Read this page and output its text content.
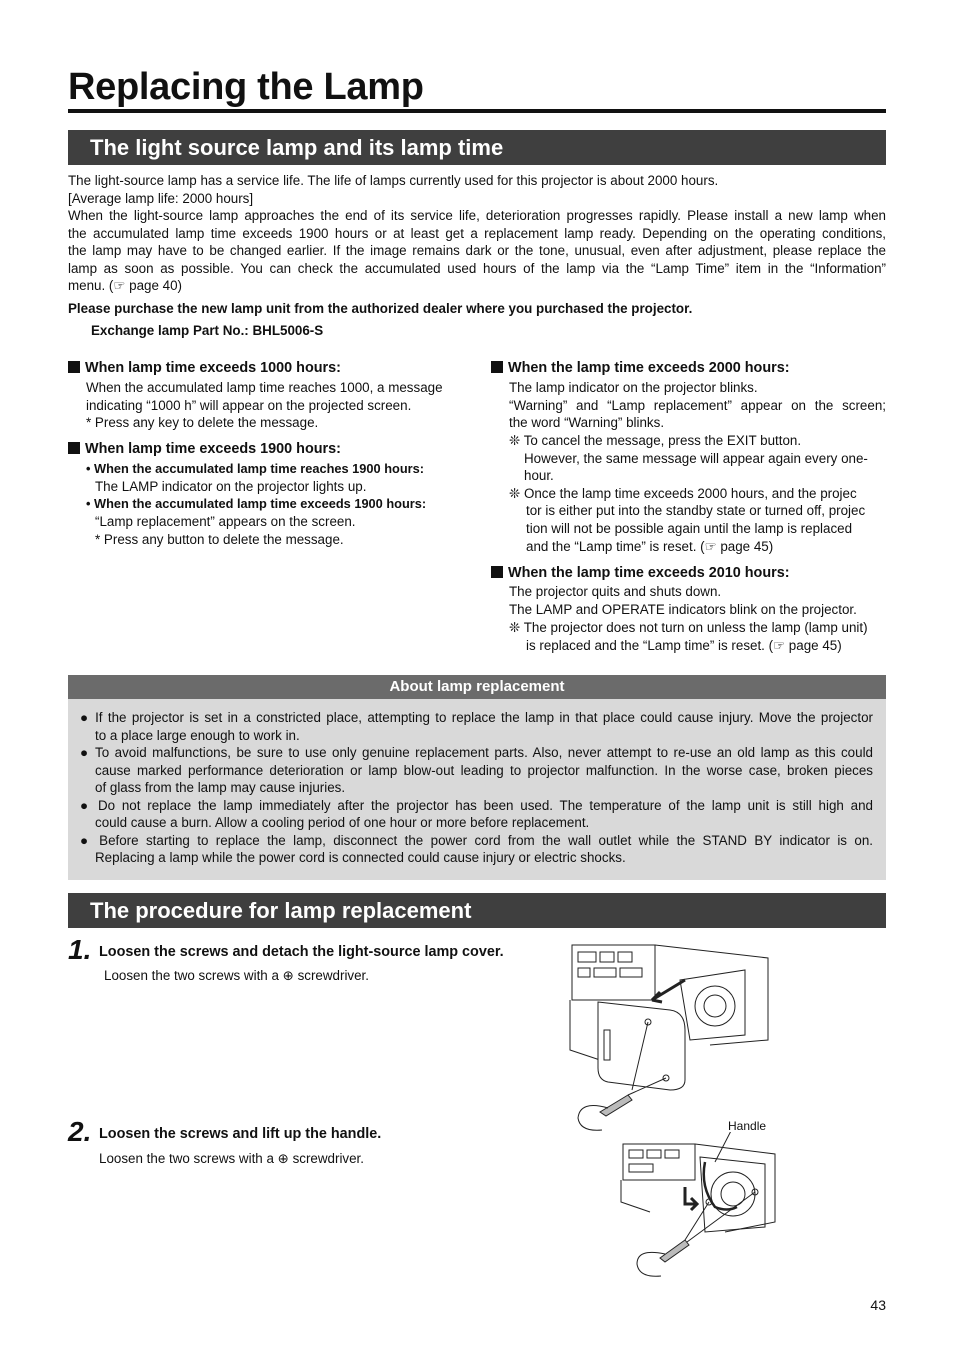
Replacing the Lamp
The light source lamp and its lamp time
The light-source lamp has a service life. The life of lamps currently used for this projector is about 2000 hours.
[Average lamp life: 2000 hours]
When the light-source lamp approaches the end of its service life, deterioration progresses rapidly. Please install a new lamp when
the accumulated lamp time exceeds 1900 hours or at least get a replacement lamp ready. Depending on the operating conditions,
the lamp may have to be changed earlier. If the image remains dark or the tone, unusual, even after adjustment, please replace the
lamp as soon as possible. You can check the accumulated used hours of the lamp via the “Lamp Time” item in the “Information”
menu. (☞ page 40)
Please purchase the new lamp unit from the authorized dealer where you purchased the projector.
Exchange lamp Part No.: BHL5006-S
When lamp time exceeds 1000 hours:
When the accumulated lamp time reaches 1000, a message
indicating “1000 h” will appear on the projected screen.
* Press any key to delete the message.
When lamp time exceeds 1900 hours:
• When the accumulated lamp time reaches 1900 hours:
The LAMP indicator on the projector lights up.
• When the accumulated lamp time exceeds 1900 hours:
“Lamp replacement” appears on the screen.
* Press any button to delete the message.
When the lamp time exceeds 2000 hours:
The lamp indicator on the projector blinks.
“Warning” and “Lamp replacement” appear on the screen;
the word “Warning” blinks.
❊ To cancel the message, press the EXIT button.
However, the same message will appear again every one-
hour.
❊ Once the lamp time exceeds 2000 hours, and the projec
tor is either put into the standby state or turned off, projec
tion will not be possible again until the lamp is replaced
and the “Lamp time” is reset. (☞ page 45)
When the lamp time exceeds 2010 hours:
The projector quits and shuts down.
The LAMP and OPERATE indicators blink on the projector.
❊ The projector does not turn on unless the lamp (lamp unit)
is replaced and the “Lamp time” is reset. (☞ page 45)
About lamp replacement
● If the projector is set in a constricted place, attempting to replace the lamp in that place could cause injury. Move the projector
to a place large enough to work in.
● To avoid malfunctions, be sure to use only genuine replacement parts. Also, never attempt to re-use an old lamp as this could
cause marked performance deterioration or lamp blow-out leading to projector malfunction. In the worse case, broken pieces
of glass from the lamp may cause injuries.
● Do not replace the lamp immediately after the projector has been used. The temperature of the lamp unit is still high and
could cause a burn. Allow a cooling period of one hour or more before replacement.
● Before starting to replace the lamp, disconnect the power cord from the wall outlet while the STAND BY indicator is on.
Replacing a lamp while the power cord is connected could cause injury or electric shocks.
The procedure for lamp replacement
1. Loosen the screws and detach the light-source lamp cover.
Loosen the two screws with a ⊕ screwdriver.
2. Loosen the screws and lift up the handle.
Loosen the two screws with a ⊕ screwdriver.
Handle
43
